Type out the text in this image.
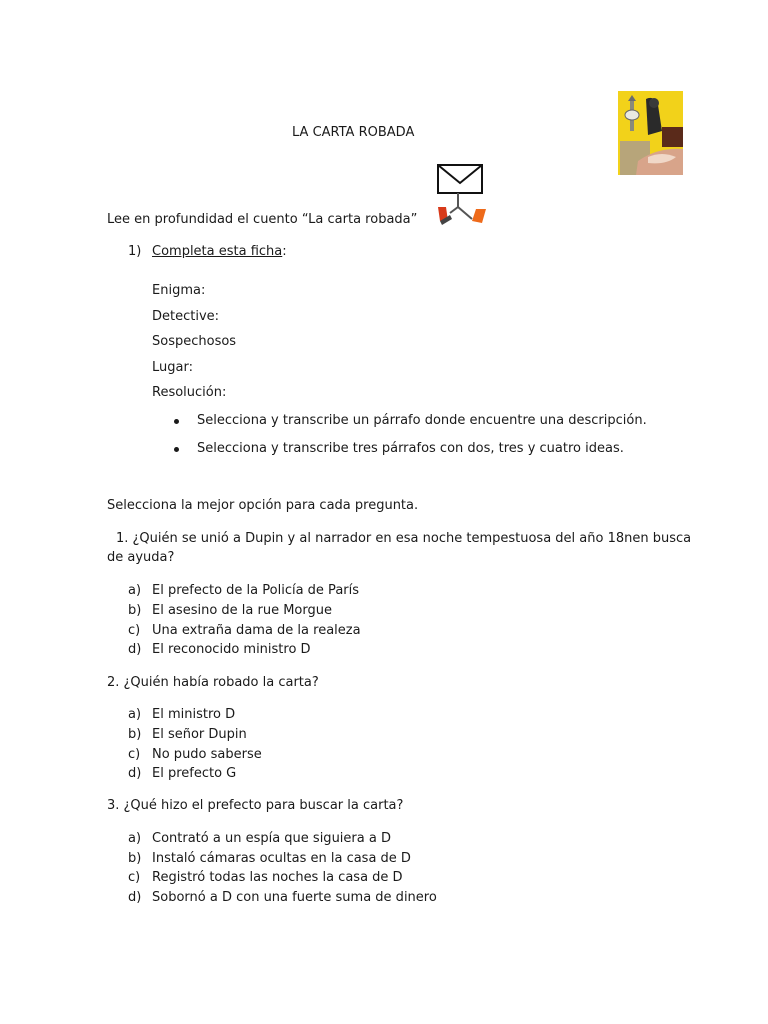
LA CARTA ROBADA
Lee en profundidad el cuento “La carta robada”
1) Completa esta ficha:
Enigma:
Detective:
Sospechosos
Lugar:
Resolución:
Selecciona y transcribe un párrafo donde encuentre una descripción.
Selecciona y transcribe tres párrafos con dos, tres y cuatro ideas.
Selecciona la mejor opción para cada pregunta.
1. ¿Quién se unió a Dupin y al narrador en esa noche tempestuosa del año 18nen busca
de ayuda?
a) El prefecto de la Policía de París
b) El asesino de la rue Morgue
c) Una extraña dama de la realeza
d) El reconocido ministro D
2. ¿Quién había robado la carta?
a) El ministro D
b) El señor Dupin
c) No pudo saberse
d) El prefecto G
3. ¿Qué hizo el prefecto para buscar la carta?
a) Contrató a un espía que siguiera a D
b) Instaló cámaras ocultas en la casa de D
c) Registró todas las noches la casa de D
d) Sobornó a D con una fuerte suma de dinero
